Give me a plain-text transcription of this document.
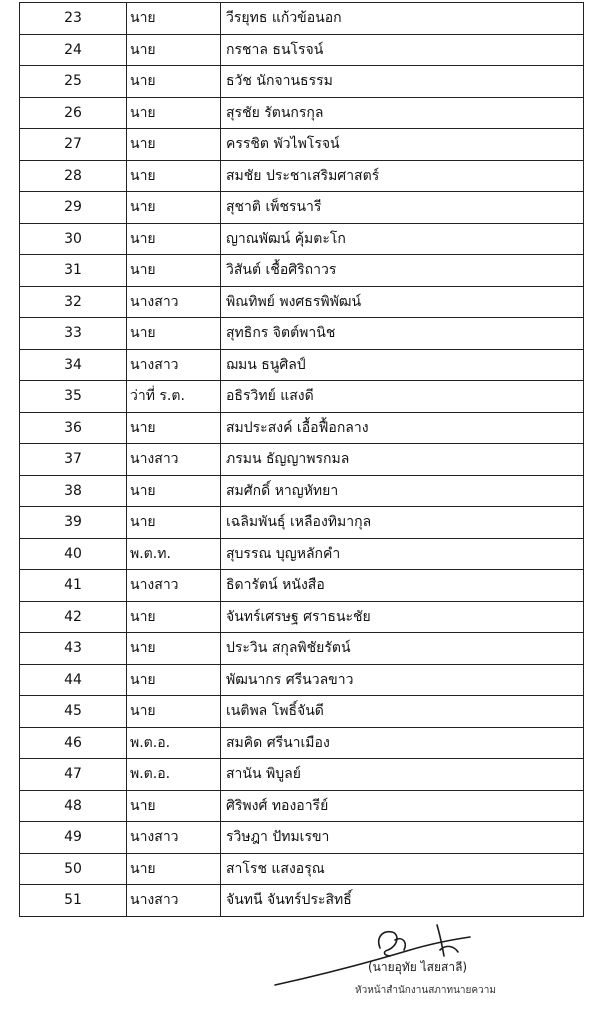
23	นาย	วีรยุทธ แก้วข้อนอก
24	นาย	กรชาล ธนโรจน์
25	นาย	ธวัช นักจานธรรม
26	นาย	สุรชัย รัตนกรกุล
27	นาย	ครรชิต พัวไพโรจน์
28	นาย	สมชัย ประชาเสริมศาสตร์
29	นาย	สุชาติ เพ็ชรนารี
30	นาย	ญาณพัฒน์ คุ้มตะโก
31	นาย	วิสันต์ เชื้อศิริถาวร
32	นางสาว	พิณทิพย์ พงศธรพิพัฒน์
33	นาย	สุทธิกร จิตต์พานิช
34	นางสาว	ฌมน ธนูศิลป์
35	ว่าที่ ร.ต.	อธิรวิทย์ แสงดี
36	นาย	สมประสงค์ เอื้อฟื้อกลาง
37	นางสาว	ภรมน ธัญญาพรกมล
38	นาย	สมศักดิ์ หาญหัทยา
39	นาย	เฉลิมพันธุ์ เหลืองทิมากุล
40	พ.ต.ท.	สุบรรณ บุญหลักคำ
41	นางสาว	ธิดารัตน์ หนังสือ
42	นาย	จันทร์เศรษฐ ศราธนะชัย
43	นาย	ประวิน สกุลพิชัยรัตน์
44	นาย	พัฒนากร ศรีนวลขาว
45	นาย	เนติพล โพธิ์จันดี
46	พ.ต.อ.	สมคิด ศรีนาเมือง
47	พ.ต.อ.	สานัน พิบูลย์
48	นาย	ศิริพงศ์ ทองอารีย์
49	นางสาว	รวิษฎา ปัทมเรขา
50	นาย	สาโรช แสงอรุณ
51	นางสาว	จันทนี จันทร์ประสิทธิ์
(นายอุทัย ไสยสาลี)
หัวหน้าสำนักงานสภาทนายความ
